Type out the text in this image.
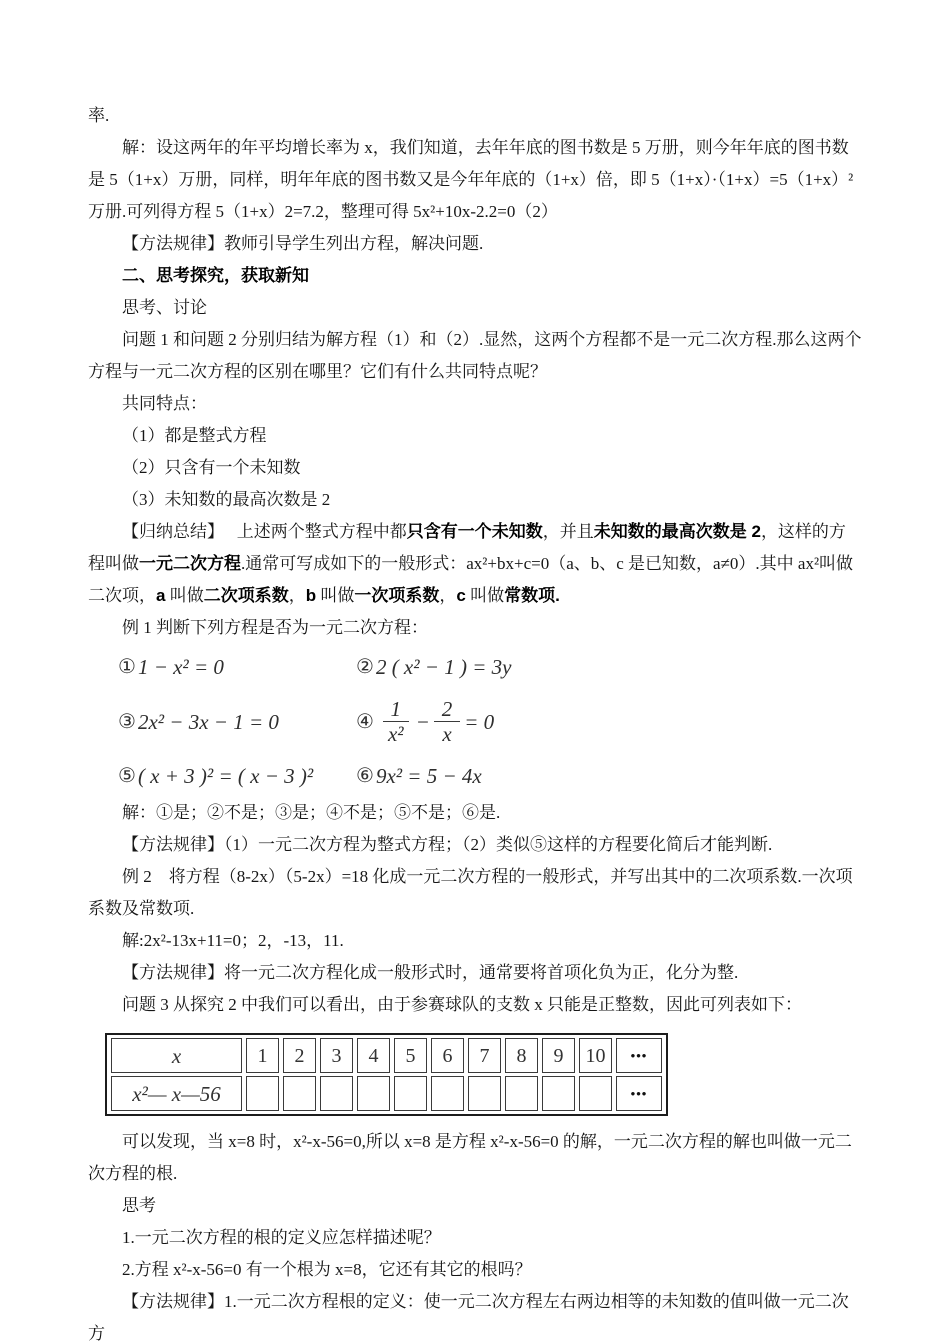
率.

解：设这两年的年平均增长率为 x，我们知道，去年年底的图书数是 5 万册，则今年年底的图书数是 5（1+x）万册，同样，明年年底的图书数又是今年年底的（1+x）倍，即 5（1+x）·（1+x）=5（1+x）²万册.可列得方程 5（1+x）2=7.2，整理可得 5x²+10x-2.2=0（2）

【方法规律】教师引导学生列出方程，解决问题.

二、思考探究，获取新知

思考、讨论

问题 1 和问题 2 分别归结为解方程（1）和（2）.显然，这两个方程都不是一元二次方程.那么这两个方程与一元二次方程的区别在哪里？它们有什么共同特点呢？

共同特点：

（1）都是整式方程

（2）只含有一个未知数

（3）未知数的最高次数是 2

【归纳总结】　 上述两个整式方程中都只含有一个未知数，并且未知数的最高次数是 2，这样的方程叫做一元二次方程.通常可写成如下的一般形式：ax²+bx+c=0（a、b、c 是已知数，a≠0）.其中 ax²叫做二次项，a 叫做二次项系数，b 叫做一次项系数，c 叫做常数项.

例 1 判断下列方程是否为一元二次方程：

① 1 − x² = 0	② 2 ( x² − 1 ) = 3y
③ 2x² − 3x − 1 = 0	④ $\frac{1}{\text{x²}} - \frac{2}{x} = 0$
⑤ ( x + 3 )² = ( x − 3 )² ⑥ 9x² = 5 − 4x

解：①是；②不是；③是；④不是；⑤不是；⑥是.

【方法规律】（1）一元二次方程为整式方程；（2）类似⑤这样的方程要化简后才能判断.

例 2　将方程（8-2x）（5-2x）=18 化成一元二次方程的一般形式，并写出其中的二次项系数.一次项系数及常数项.

解:2x²-13x+11=0；2，-13，11.

【方法规律】将一元二次方程化成一般形式时，通常要将首项化负为正，化分为整.

问题 3 从探究 2 中我们可以看出，由于参赛球队的支数 x 只能是正整数，因此可列表如下：

x	1	2	3	4	5	6	7	8	9	10	•••
x²— x—56											•••

可以发现，当 x=8 时，x²-x-56=0,所以 x=8 是方程 x²-x-56=0 的解，一元二次方程的解也叫做一元二次方程的根.

思考

1.一元二次方程的根的定义应怎样描述呢？

2.方程 x²-x-56=0 有一个根为 x=8，它还有其它的根吗？

【方法规律】1.一元二次方程根的定义：使一元二次方程左右两边相等的未知数的值叫做一元二次方
